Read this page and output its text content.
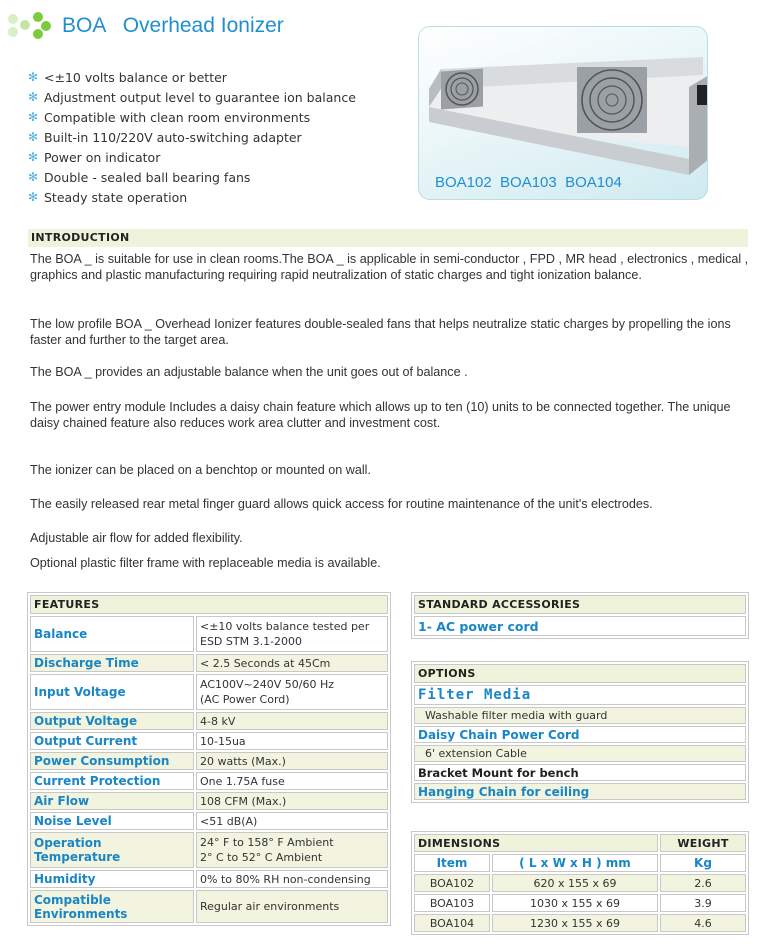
BOA   Overhead Ionizer
✻ <±10 volts balance or better
✻ Adjustment output level to guarantee ion balance
✻ Compatible with clean room environments
✻ Built-in 110/220V auto-switching adapter
✻ Power on indicator
✻ Double - sealed ball bearing fans
✻ Steady state operation
BOA102  BOA103  BOA104
INTRODUCTION

The BOA _ is suitable for use in clean rooms.The BOA _ is applicable in semi-conductor , FPD , MR head , electronics , medical , graphics and plastic manufacturing requiring rapid neutralization of static charges and tight ionization balance.

The low profile BOA _ Overhead Ionizer features double-sealed fans that helps neutralize static charges by propelling the ions faster and further to the target area.

The BOA _ provides an adjustable balance when the unit goes out of balance .

The power entry module Includes a daisy chain feature which allows up to ten (10) units to be connected together. The unique daisy chained feature also reduces work area clutter and investment cost.

The ionizer can be placed on a benchtop or mounted on wall.

The easily released rear metal finger guard allows quick access for routine maintenance of the unit's electrodes.

Adjustable air flow for added flexibility.

Optional plastic filter frame with replaceable media is available.

FEATURES	
Balance	<±10 volts balance tested per
ESD STM 3.1-2000

Discharge Time	< 2.5 Seconds at 45Cm
Input Voltage	AC100V~240V 50/60 Hz
(AC Power Cord)

Output Voltage	4-8 kV
Output Current	10-15ua
Power Consumption	20 watts (Max.)
Current Protection	One 1.75A fuse
Air Flow	108 CFM (Max.)
Noise Level	<51 dB(A)
Operation Temperature	24° F to 158° F Ambient
2° C to 52° C Ambient

Humidity	0% to 80% RH non-condensing
Compatible Environments	Regular air environments
STANDARD ACCESSORIES
1- AC power cord
OPTIONS
Filter Media
Washable filter media with guard
Daisy Chain Power Cord
6' extension Cable
Bracket Mount for bench
Hanging Chain for ceiling
DIMENSIONS		WEIGHT
Item	( L x W x H ) mm	Kg
BOA102	620 x 155 x 69	2.6
BOA103	1030 x 155 x 69	3.9
BOA104	1230 x 155 x 69	4.6
